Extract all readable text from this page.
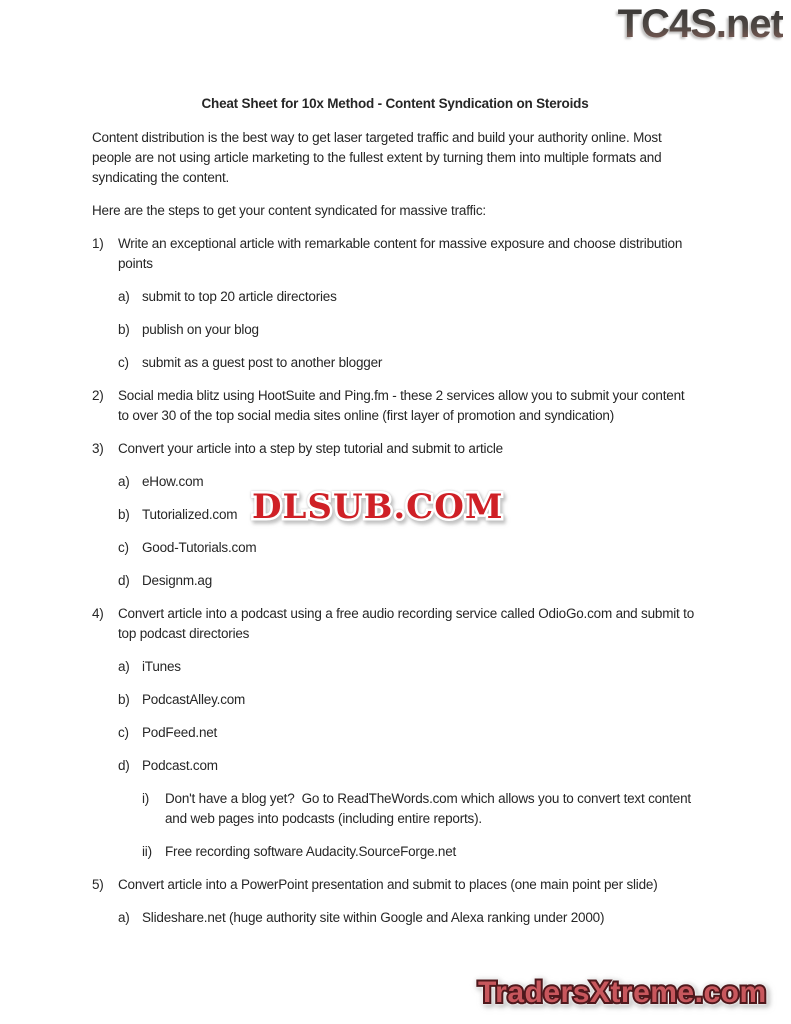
TC4S.net
Cheat Sheet for 10x Method - Content Syndication on Steroids

Content distribution is the best way to get laser targeted traffic and build your authority online. Most people are not using article marketing to the fullest extent by turning them into multiple formats and syndicating the content.

Here are the steps to get your content syndicated for massive traffic:

1)	Write an exceptional article with remarkable content for massive exposure and choose distribution points
a) submit to top 20 article directories
b) publish on your blog
c) submit as a guest post to another blogger
2)	Social media blitz using HootSuite and Ping.fm - these 2 services allow you to submit your content to over 30 of the top social media sites online (first layer of promotion and syndication)
3)	Convert your article into a step by step tutorial and submit to article
a) eHow.com
b) Tutorialized.com
c) Good-Tutorials.com
d) Designm.ag
4)	Convert article into a podcast using a free audio recording service called OdioGo.com and submit to top podcast directories
a) iTunes
b) PodcastAlley.com
c) PodFeed.net
d) Podcast.com
i)	Don't have a blog yet?  Go to ReadTheWords.com which allows you to convert text content and web pages into podcasts (including entire reports).
ii) Free recording software Audacity.SourceForge.net
5)	Convert article into a PowerPoint presentation and submit to places (one main point per slide)
a) Slideshare.net (huge authority site within Google and Alexa ranking under 2000)
DLSUB.COM
TradersXtreme.com
